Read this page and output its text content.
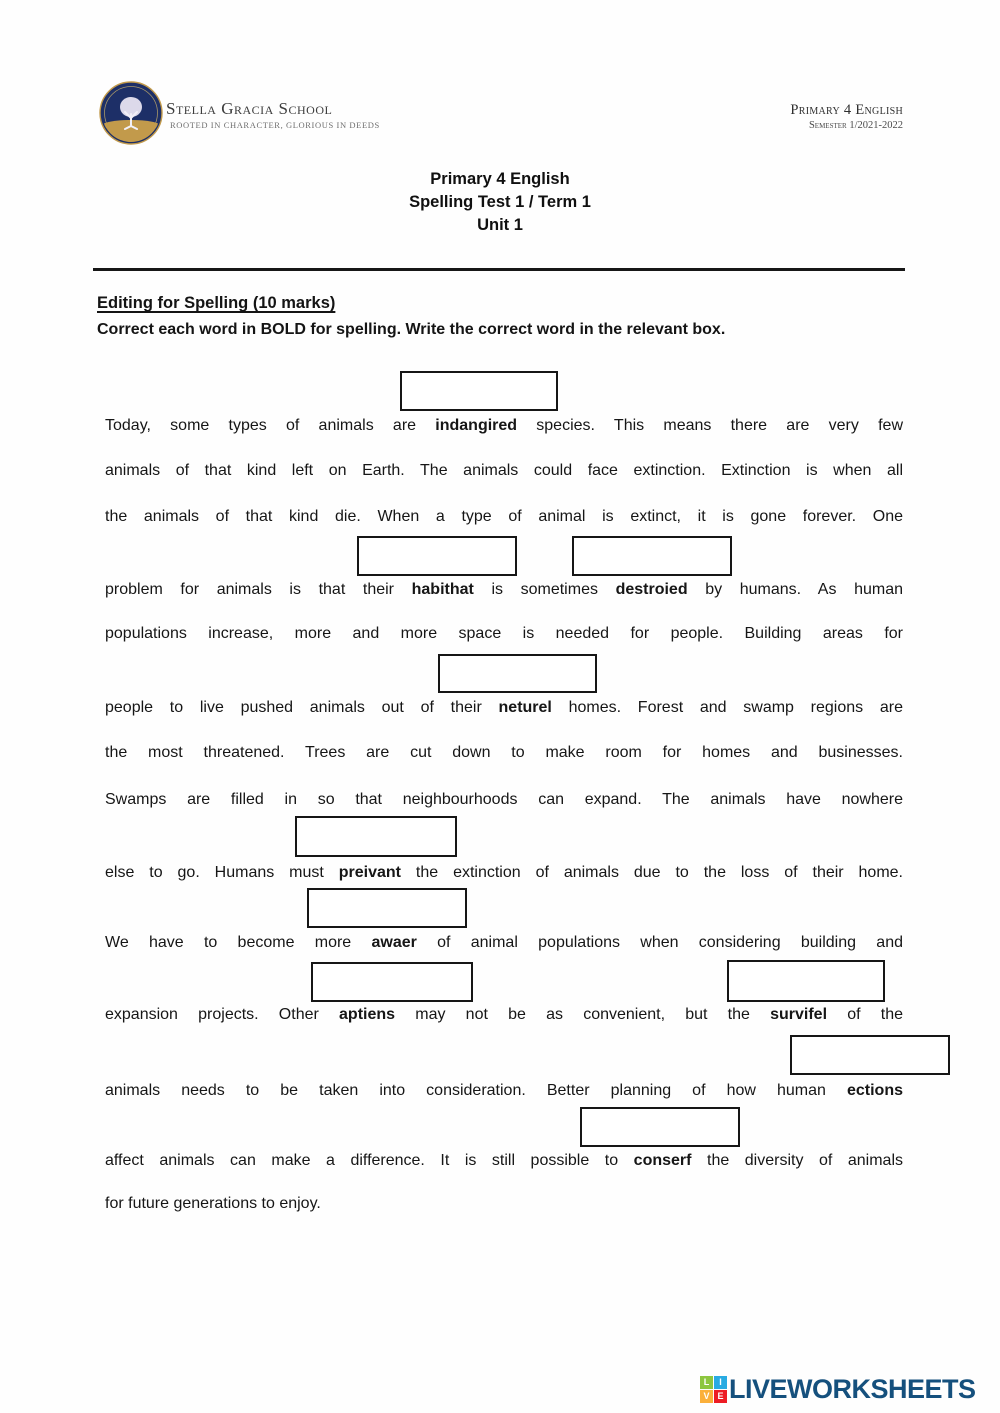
Stella Gracia School
ROOTED IN CHARACTER, GLORIOUS IN DEEDS
Primary 4 English
Semester 1/2021-2022
Primary 4 English
Spelling Test 1 / Term 1
Unit 1
Editing for Spelling (10 marks)
Correct each word in BOLD for spelling. Write the correct word in the relevant box.
Today, some types of animals are indangired species. This means there are very few
animals of that kind left on Earth. The animals could face extinction. Extinction is when all
the animals of that kind die. When a type of animal is extinct, it is gone forever. One
problem for animals is that their habithat is sometimes destroied by humans. As human
populations increase, more and more space is needed for people. Building areas for
people to live pushed animals out of their neturel homes. Forest and swamp regions are
the most threatened. Trees are cut down to make room for homes and businesses.
Swamps are filled in so that neighbourhoods can expand. The animals have nowhere
else to go. Humans must preivant the extinction of animals due to the loss of their home.
We have to become more awaer of animal populations when considering building and
expansion projects. Other aptiens may not be as convenient, but the survifel of the
animals needs to be taken into consideration. Better planning of how human ections
affect animals can make a difference. It is still possible to conserf the diversity of animals
for future generations to enjoy.
L	I
V E LIVEWORKSHEETS
